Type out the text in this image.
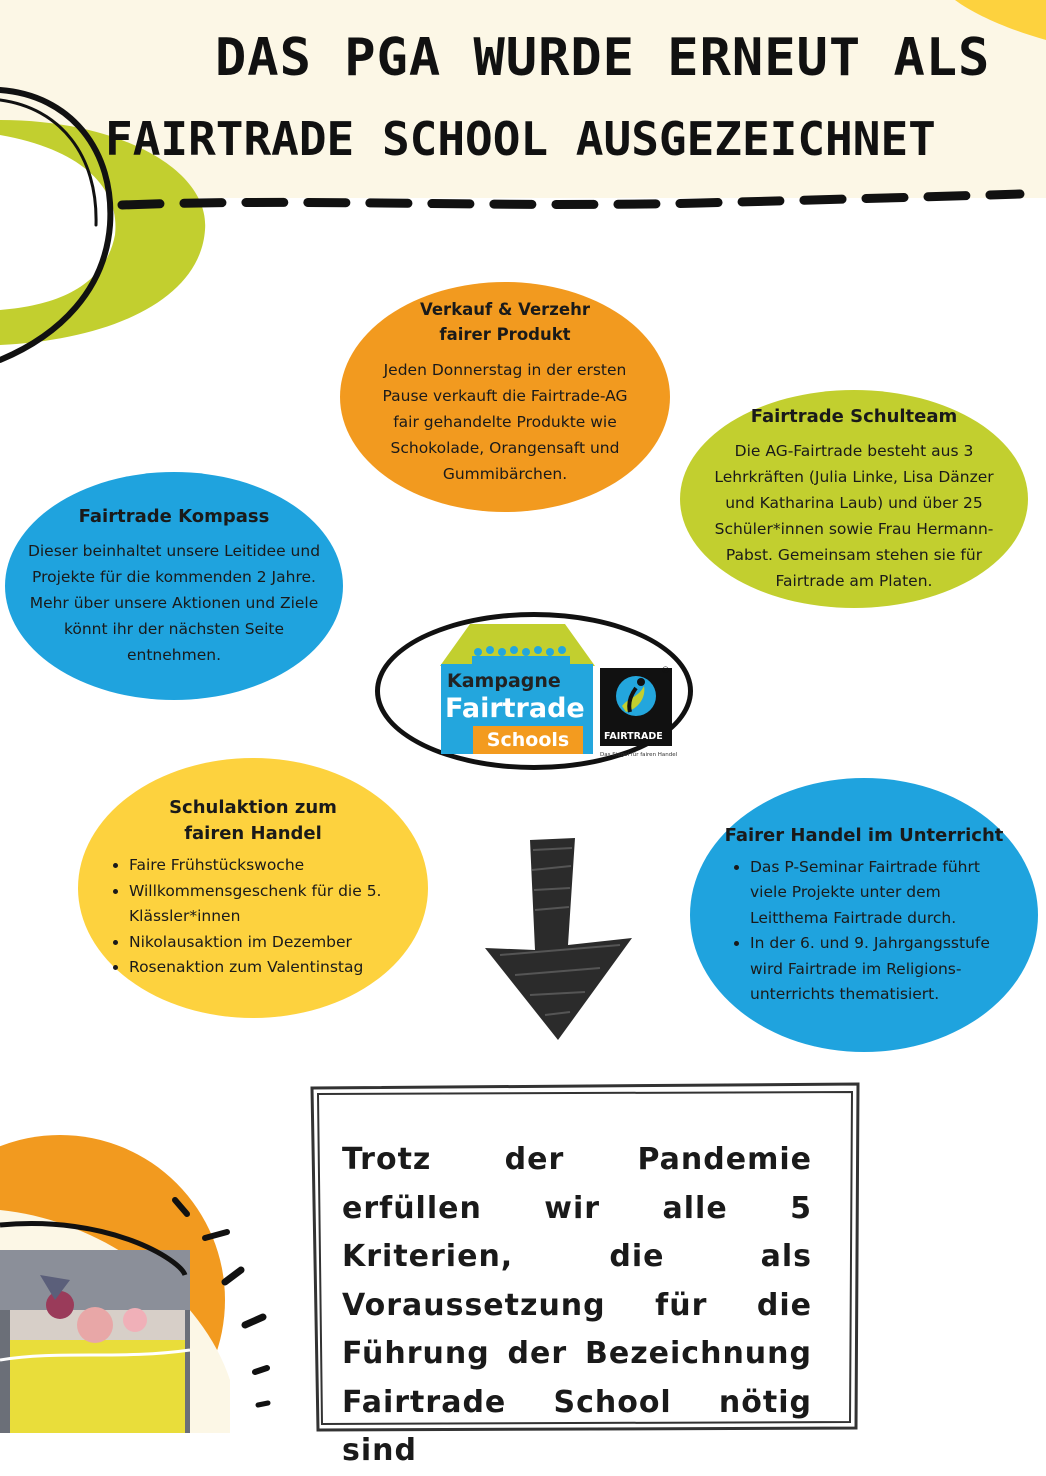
DAS PGA WURDE ERNEUT ALS
FAIRTRADE SCHOOL AUSGEZEICHNET
Verkauf & Verzehr
fairer Produkt

Jeden Donnerstag in der ersten
Pause verkauft die Fairtrade-AG
fair gehandelte Produkte wie
Schokolade, Orangensaft und
Gummibärchen.

Fairtrade Schulteam

Die AG-Fairtrade besteht aus 3
Lehrkräften (Julia Linke, Lisa Dänzer
und Katharina Laub) und über 25
Schüler*innen sowie Frau Hermann-
Pabst. Gemeinsam stehen sie für
Fairtrade am Platen.

Fairtrade Kompass

Dieser beinhaltet unsere Leitidee und
Projekte für die kommenden 2 Jahre.
Mehr über unsere Aktionen und Ziele
könnt ihr der nächsten Seite
entnehmen.

Kampagne
Fairtrade
Schools	FAIRTRADE
®
Das Siegel für fairen Handel
Schulaktion zum
fairen Handel
• Faire Frühstückswoche
• Willkommensgeschenk für die 5. Klässler*innen
• Nikolausaktion im Dezember
• Rosenaktion zum Valentinstag
Fairer Handel im Unterricht
• Das P-Seminar Fairtrade führt viele Projekte unter dem Leitthema Fairtrade durch.
• In der 6. und 9. Jahrgangsstufe wird Fairtrade im Religions-unterrichts thematisiert.

Trotz der Pandemie erfüllen wir alle 5 Kriterien, die als Voraussetzung für die Führung der Bezeichnung Fairtrade School nötig sind
